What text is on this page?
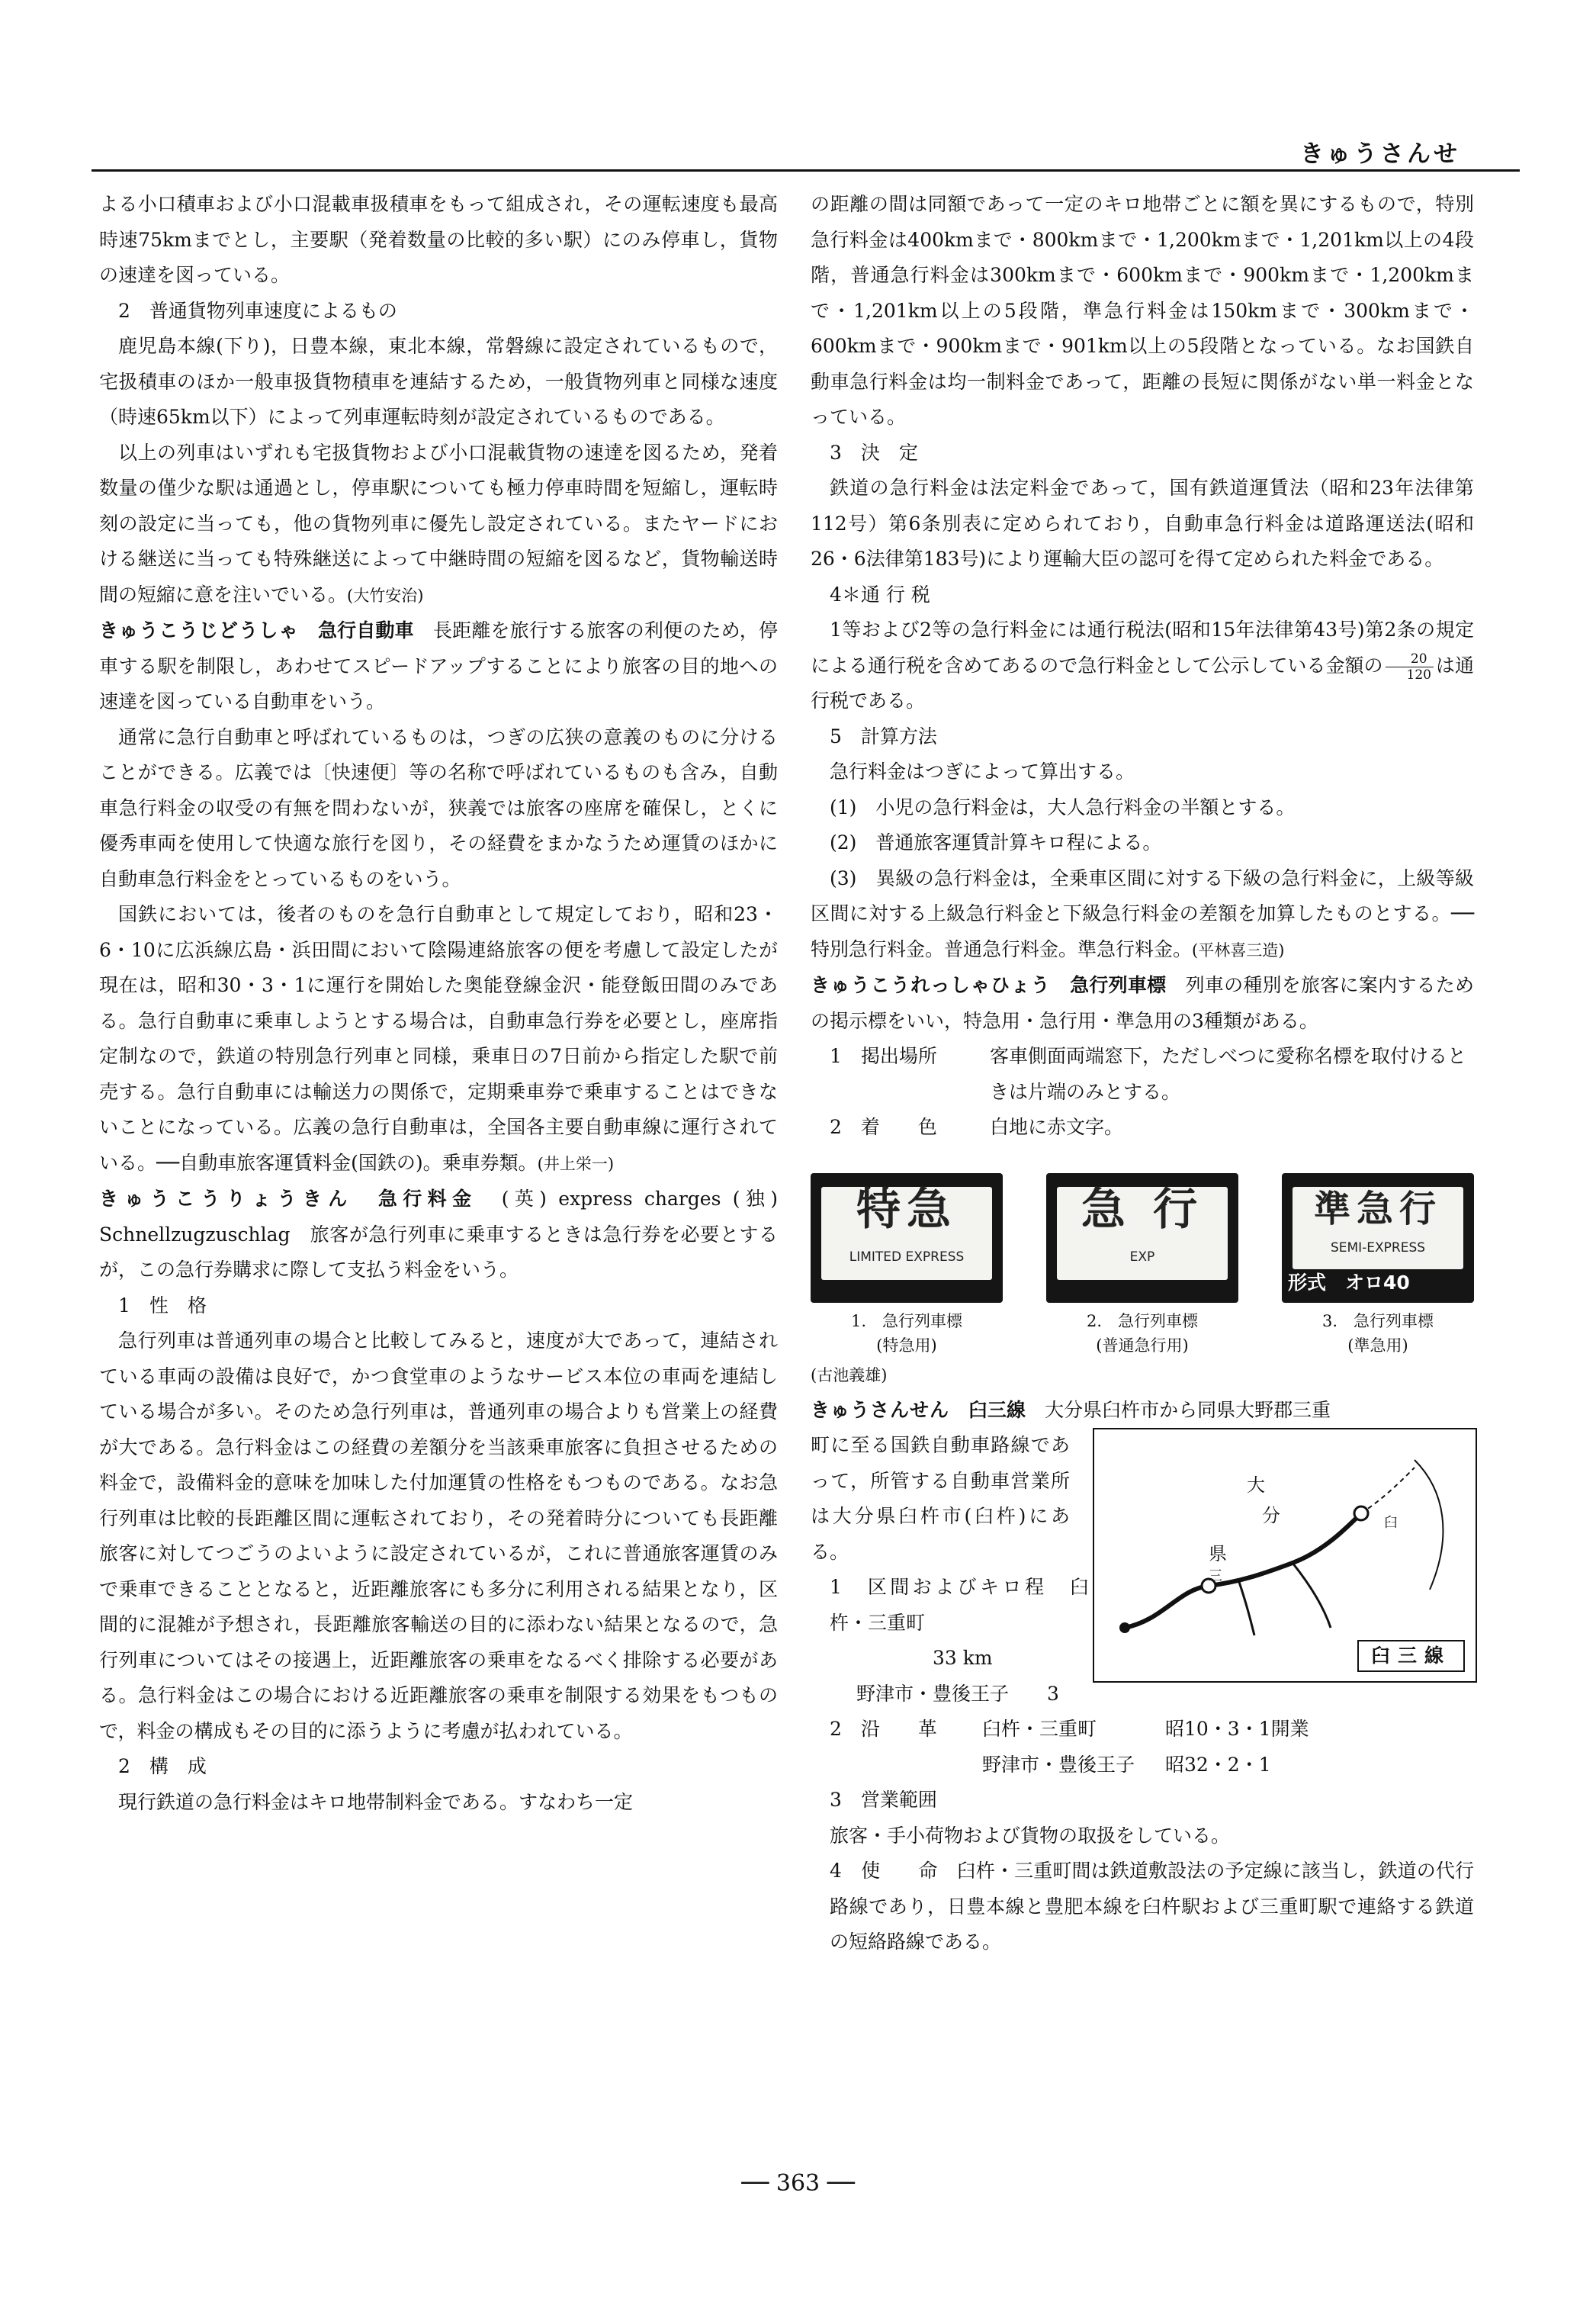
きゅうさんせ

よる小口積車および小口混載車扱積車をもって組成され，その運転速度も最高時速75kmまでとし，主要駅（発着数量の比較的多い駅）にのみ停車し，貨物の速達を図っている。

2　普通貨物列車速度によるもの

鹿児島本線(下り)，日豊本線，東北本線，常磐線に設定されているもので，宅扱積車のほか一般車扱貨物積車を連結するため，一般貨物列車と同様な速度（時速65km以下）によって列車運転時刻が設定されているものである。

以上の列車はいずれも宅扱貨物および小口混載貨物の速達を図るため，発着数量の僅少な駅は通過とし，停車駅についても極力停車時間を短縮し，運転時刻の設定に当っても，他の貨物列車に優先し設定されている。またヤードにおける継送に当っても特殊継送によって中継時間の短縮を図るなど，貨物輸送時間の短縮に意を注いでいる。(大竹安治)

きゅうこうじどうしゃ　 急行自動車　 長距離を旅行する旅客の利便のため，停車する駅を制限し，あわせてスピードアップすることにより旅客の目的地への速達を図っている自動車をいう。

通常に急行自動車と呼ばれているものは，つぎの広狭の意義のものに分けることができる。広義では〔快速便〕等の名称で呼ばれているものも含み，自動車急行料金の収受の有無を問わないが，狭義では旅客の座席を確保し，とくに優秀車両を使用して快適な旅行を図り，その経費をまかなうため運賃のほかに自動車急行料金をとっているものをいう。

国鉄においては，後者のものを急行自動車として規定しており，昭和23・6・10に広浜線広島・浜田間において陰陽連絡旅客の便を考慮して設定したが現在は，昭和30・3・1に運行を開始した奥能登線金沢・能登飯田間のみである。急行自動車に乗車しようとする場合は，自動車急行券を必要とし，座席指定制なので，鉄道の特別急行列車と同様，乗車日の7日前から指定した駅で前売する。急行自動車には輸送力の関係で，定期乗車券で乗車することはできないことになっている。広義の急行自動車は，全国各主要自動車線に運行されている。──自動車旅客運賃料金(国鉄の)。乗車券類。(井上栄一)

きゅうこうりょうきん　 急行料金　 (英) express charges (独) Schnellzugzuschlag　旅客が急行列車に乗車するときは急行券を必要とするが，この急行券購求に際して支払う料金をいう。

1　性　格

急行列車は普通列車の場合と比較してみると，速度が大であって，連結されている車両の設備は良好で，かつ食堂車のようなサービス本位の車両を連結している場合が多い。そのため急行列車は，普通列車の場合よりも営業上の経費が大である。急行料金はこの経費の差額分を当該乗車旅客に負担させるための料金で，設備料金的意味を加味した付加運賃の性格をもつものである。なお急行列車は比較的長距離区間に運転されており，その発着時分についても長距離旅客に対してつごうのよいように設定されているが，これに普通旅客運賃のみで乗車できることとなると，近距離旅客にも多分に利用される結果となり，区間的に混雑が予想され，長距離旅客輸送の目的に添わない結果となるので，急行列車についてはその接遇上，近距離旅客の乗車をなるべく排除する必要がある。急行料金はこの場合における近距離旅客の乗車を制限する効果をもつもので，料金の構成もその目的に添うように考慮が払われている。

2　構　成

現行鉄道の急行料金はキロ地帯制料金である。すなわち一定

の距離の間は同額であって一定のキロ地帯ごとに額を異にするもので，特別急行料金は400kmまで・800kmまで・1,200kmまで・1,201km以上の4段階，普通急行料金は300kmまで・600kmまで・900kmまで・1,200kmまで・1,201km以上の5段階，準急行料金は150kmまで・300kmまで・600kmまで・900kmまで・901km以上の5段階となっている。なお国鉄自動車急行料金は均一制料金であって，距離の長短に関係がない単一料金となっている。

3　決　定

鉄道の急行料金は法定料金であって，国有鉄道運賃法（昭和23年法律第112号）第6条別表に定められており，自動車急行料金は道路運送法(昭和26・6法律第183号)により運輸大臣の認可を得て定められた料金である。

4＊通 行 税

1等および2等の急行料金には通行税法(昭和15年法律第43号)第2条の規定による通行税を含めてあるので急行料金として公示している金額の $\frac{20}{120}$ は通行税である。

5　計算方法

急行料金はつぎによって算出する。

(1)　小児の急行料金は，大人急行料金の半額とする。

(2)　普通旅客運賃計算キロ程による。

(3)　異級の急行料金は，全乗車区間に対する下級の急行料金に，上級等級区間に対する上級急行料金と下級急行料金の差額を加算したものとする。──特別急行料金。普通急行料金。準急行料金。(平林喜三造)

きゅうこうれっしゃひょう　 急行列車標　 列車の種別を旅客に案内するための掲示標をいい，特急用・急行用・準急用の3種類がある。

1　掲出場所	客車側面両端窓下，ただしべつに愛称名標を取付けるときは片端のみとする。
2　着　　色	白地に赤文字。
特急
LIMITED EXPRESS
1.　急行列車標
(特急用)
急 行
EXP
2.　急行列車標
(普通急行用)
準急行
SEMI-EXPRESS
形式　オロ40
3.　急行列車標
(準急用)

(古池義雄)

きゅうさんせん　 臼三線　 大分県臼杵市から同県大野郡三重

大
分
県
臼
三
臼三線

町に至る国鉄自動車路線であって，所管する自動車営業所は大分県臼杵市(臼杵)にある。

1　区間およびキロ程　 臼杵・三重町

33 km

野津市・豊後王子　　3

2　沿　　革	臼杵・三重町	昭10・3・1開業
野津市・豊後王子	昭32・2・1

3　営業範囲

旅客・手小荷物および貨物の取扱をしている。

4　使　　命　 臼杵・三重町間は鉄道敷設法の予定線に該当し，鉄道の代行路線であり，日豊本線と豊肥本線を臼杵駅および三重町駅で連絡する鉄道の短絡路線である。

── 363 ──
